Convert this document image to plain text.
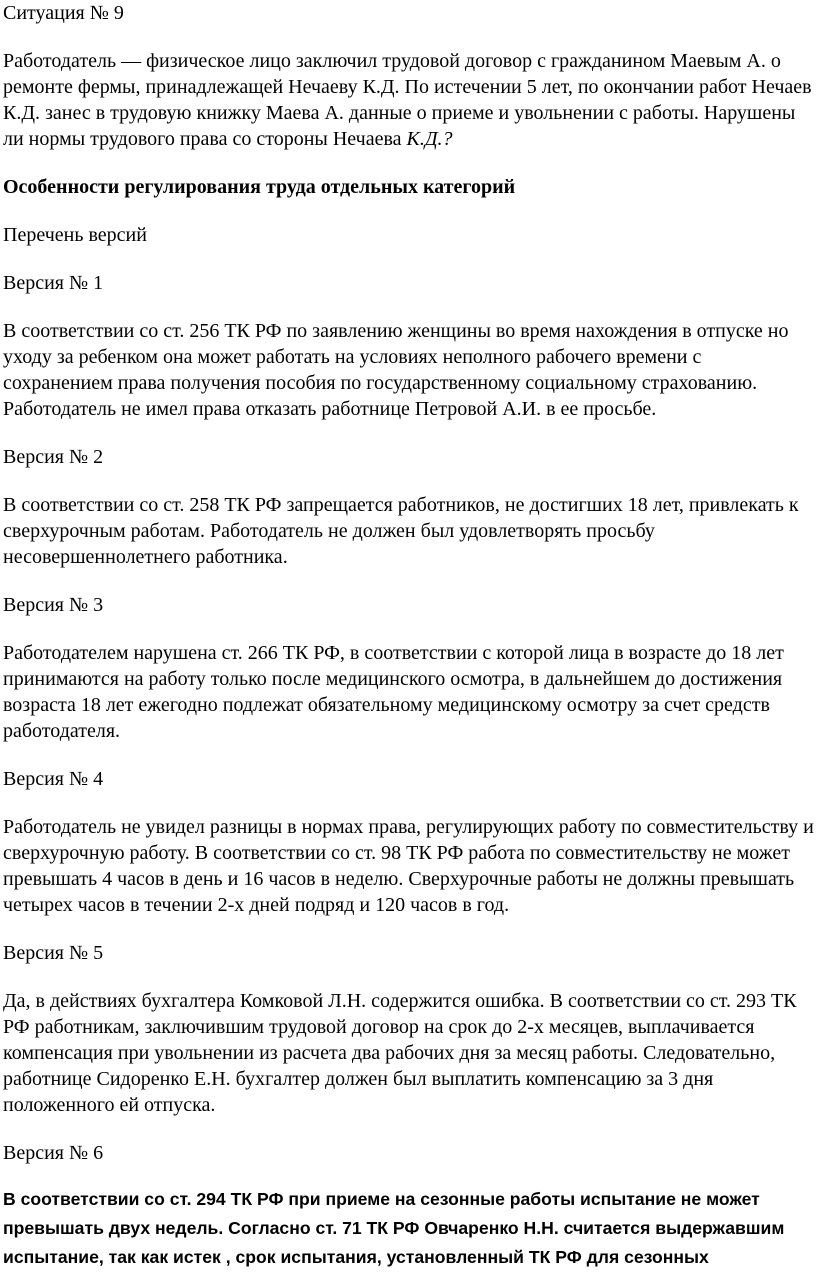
Ситуация № 9

Работодатель — физическое лицо заключил трудовой договор с гражданином Маевым А. о ремонте фермы, принадлежащей Нечаеву К.Д. По истечении 5 лет, по окончании работ Нечаев К.Д. занес в трудовую книжку Маева А. данные о приеме и увольнении с работы. Нарушены ли нормы трудового права со стороны Нечаева К.Д.?

Особенности регулирования труда отдельных категорий

Перечень версий

Версия № 1

В соответствии со ст. 256 ТК РФ по заявлению женщины во время нахождения в отпуске но уходу за ребенком она может работать на условиях неполного рабочего времени с сохранением права получения пособия по государственному социальному страхованию. Работодатель не имел права отказать работнице Петровой А.И. в ее просьбе.

Версия № 2

В соответствии со ст. 258 ТК РФ запрещается работников, не достигших 18 лет, привлекать к сверхурочным работам. Работодатель не должен был удовлетворять просьбу несовершеннолетнего работника.

Версия № 3

Работодателем нарушена ст. 266 ТК РФ, в соответствии с которой лица в возрасте до 18 лет принимаются на работу только после медицинского осмотра, в дальнейшем до достижения возраста 18 лет ежегодно подлежат обязательному медицинскому осмотру за счет средств работодателя.

Версия № 4

Работодатель не увидел разницы в нормах права, регулирующих работу по совместительству и сверхурочную работу. В соответствии со ст. 98 ТК РФ работа по совместительству не может превышать 4 часов в день и 16 часов в неделю. Сверхурочные работы не должны превышать четырех часов в течении 2-х дней подряд и 120 часов в год.

Версия № 5

Да, в действиях бухгалтера Комковой Л.Н. содержится ошибка. В соответствии со ст. 293 ТК РФ работникам, заключившим трудовой договор на срок до 2-х месяцев, выплачивается компенсация при увольнении из расчета два рабочих дня за месяц работы. Следовательно, работнице Сидоренко Е.Н. бухгалтер должен был выплатить компенсацию за 3 дня положенного ей отпуска.

Версия № 6

В соответствии со ст. 294 ТК РФ при приеме на сезонные работы испытание не может превышать двух недель. Согласно ст. 71 ТК РФ Овчаренко Н.Н. считается выдержавшим испытание, так как истек , срок испытания, установленный ТК РФ для сезонных
